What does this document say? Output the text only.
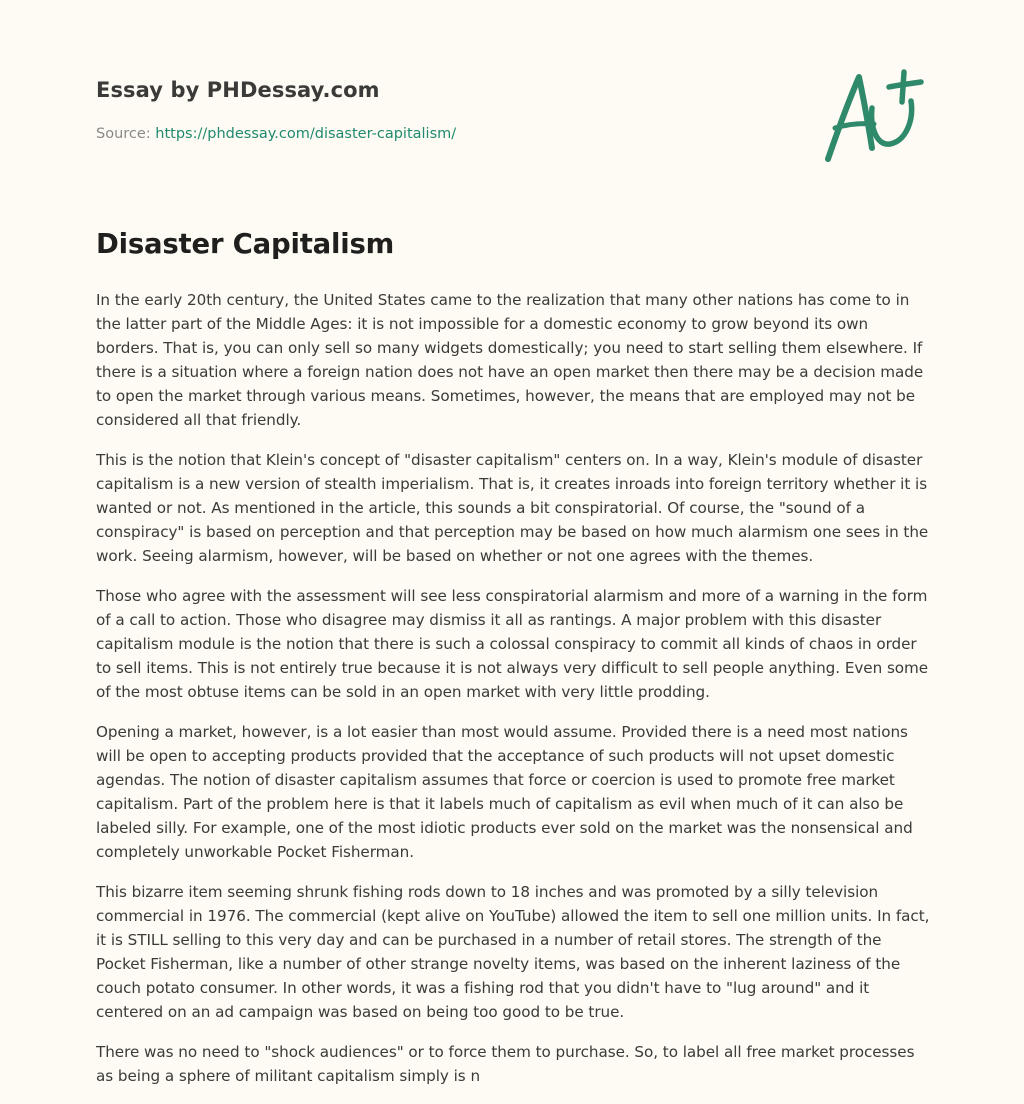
Essay by PHDessay.com
Source: https://phdessay.com/disaster-capitalism/
Disaster Capitalism

In the early 20th century, the United States came to the realization that many other nations has come to in the latter part of the Middle Ages: it is not impossible for a domestic economy to grow beyond its own borders. That is, you can only sell so many widgets domestically; you need to start selling them elsewhere. If there is a situation where a foreign nation does not have an open market then there may be a decision made to open the market through various means. Sometimes, however, the means that are employed may not be considered all that friendly.

This is the notion that Klein's concept of "disaster capitalism" centers on. In a way, Klein's module of disaster capitalism is a new version of stealth imperialism. That is, it creates inroads into foreign territory whether it is wanted or not. As mentioned in the article, this sounds a bit conspiratorial. Of course, the "sound of a conspiracy" is based on perception and that perception may be based on how much alarmism one sees in the work. Seeing alarmism, however, will be based on whether or not one agrees with the themes.

Those who agree with the assessment will see less conspiratorial alarmism and more of a warning in the form of a call to action. Those who disagree may dismiss it all as rantings. A major problem with this disaster capitalism module is the notion that there is such a colossal conspiracy to commit all kinds of chaos in order to sell items. This is not entirely true because it is not always very difficult to sell people anything. Even some of the most obtuse items can be sold in an open market with very little prodding.

Opening a market, however, is a lot easier than most would assume. Provided there is a need most nations will be open to accepting products provided that the acceptance of such products will not upset domestic agendas. The notion of disaster capitalism assumes that force or coercion is used to promote free market capitalism. Part of the problem here is that it labels much of capitalism as evil when much of it can also be labeled silly. For example, one of the most idiotic products ever sold on the market was the nonsensical and completely unworkable Pocket Fisherman.

This bizarre item seeming shrunk fishing rods down to 18 inches and was promoted by a silly television commercial in 1976. The commercial (kept alive on YouTube) allowed the item to sell one million units. In fact, it is STILL selling to this very day and can be purchased in a number of retail stores. The strength of the Pocket Fisherman, like a number of other strange novelty items, was based on the inherent laziness of the couch potato consumer. In other words, it was a fishing rod that you didn't have to "lug around" and it centered on an ad campaign was based on being too good to be true.

There was no need to "shock audiences" or to force them to purchase. So, to label all free market processes as being a sphere of militant capitalism simply is n
